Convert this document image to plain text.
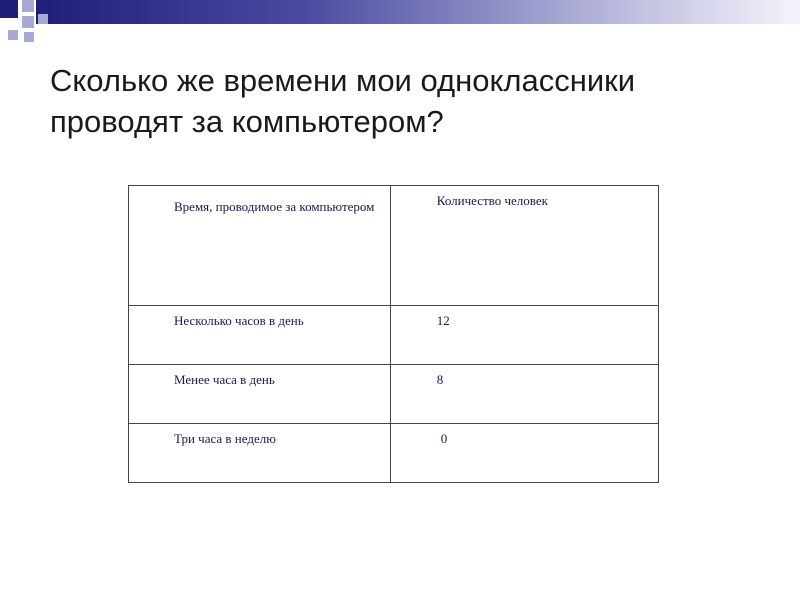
Сколько же времени мои одноклассники проводят за компьютером?
Время, проводимое за компьютером	Количество человек
Несколько часов в день	12
Менее часа в день	8
Три часа в неделю	0
